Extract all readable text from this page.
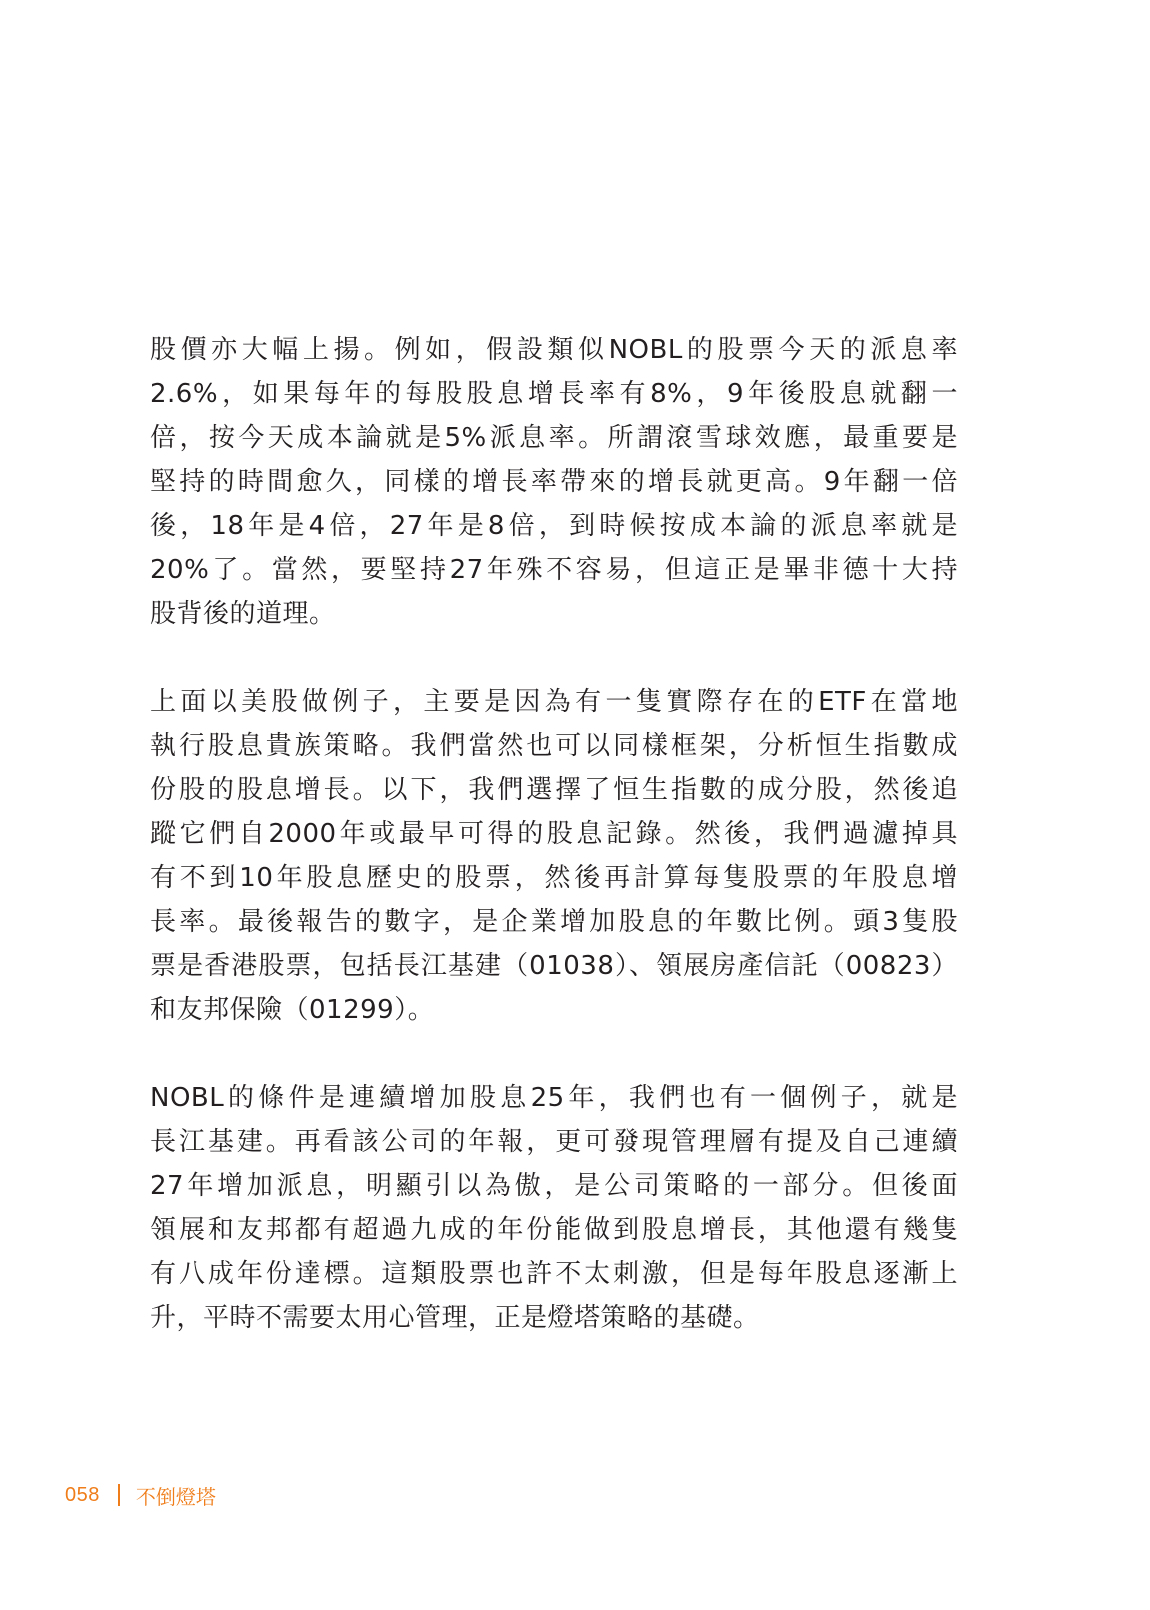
股價亦大幅上揚。例如，假設類似NOBL的股票今天的派息率
2.6%，如果每年的每股股息增長率有8%，9年後股息就翻一
倍，按今天成本論就是5%派息率。所謂滾雪球效應，最重要是
堅持的時間愈久，同樣的增長率帶來的增長就更高。9年翻一倍
後，18年是4倍，27年是8倍，到時候按成本論的派息率就是
20%了。當然，要堅持27年殊不容易，但這正是畢非德十大持
股背後的道理。

上面以美股做例子，主要是因為有一隻實際存在的ETF在當地
執行股息貴族策略。我們當然也可以同樣框架，分析恒生指數成
份股的股息增長。以下，我們選擇了恒生指數的成分股，然後追
蹤它們自2000年或最早可得的股息記錄。然後，我們過濾掉具
有不到10年股息歷史的股票，然後再計算每隻股票的年股息增
長率。最後報告的數字，是企業增加股息的年數比例。頭3隻股
票是香港股票，包括長江基建（01038）、領展房產信託（00823）
和友邦保險（01299）。

NOBL的條件是連續增加股息25年，我們也有一個例子，就是
長江基建。再看該公司的年報，更可發現管理層有提及自己連續
27年增加派息，明顯引以為傲，是公司策略的一部分。但後面
領展和友邦都有超過九成的年份能做到股息增長，其他還有幾隻
有八成年份達標。這類股票也許不太刺激，但是每年股息逐漸上
升，平時不需要太用心管理，正是燈塔策略的基礎。

058 不倒燈塔
